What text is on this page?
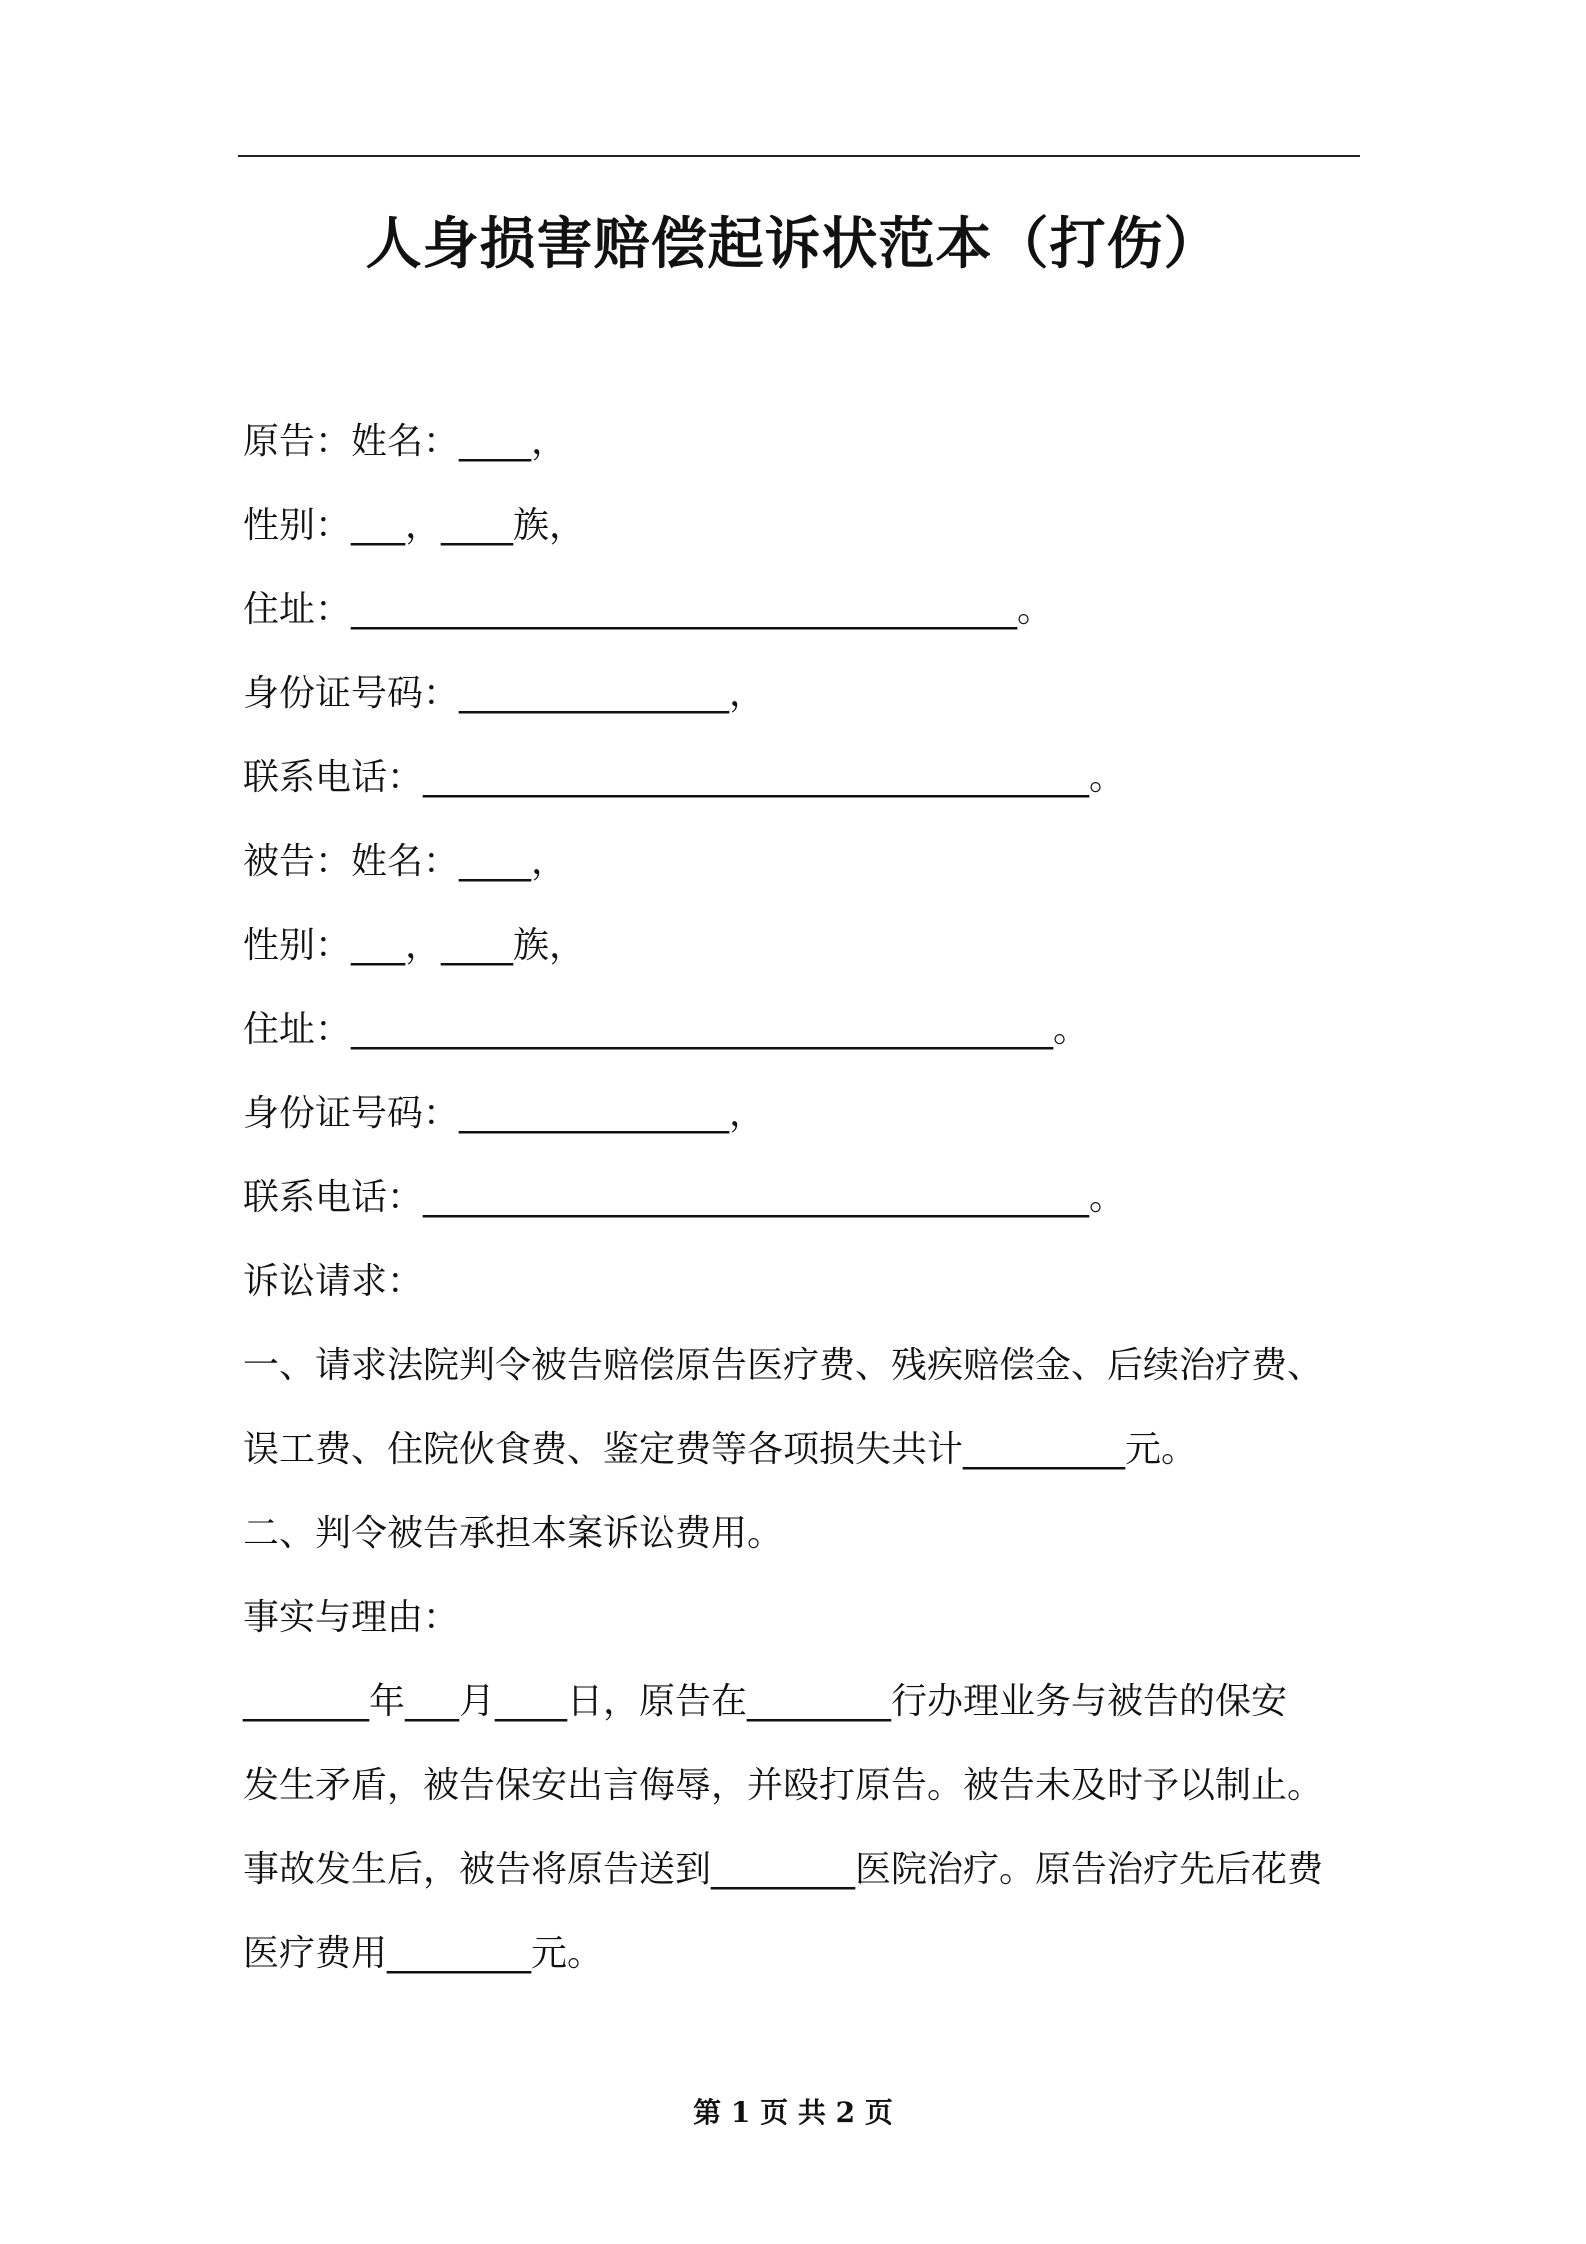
人身损害赔偿起诉状范本（打伤）
原告：姓名：____，
性别：___，____族，
住址：_____________________________________。
身份证号码：_______________，
联系电话：_____________________________________。
被告：姓名：____，
性别：___，____族，
住址：_______________________________________。
身份证号码：_______________，
联系电话：_____________________________________。
诉讼请求：
一、请求法院判令被告赔偿原告医疗费、残疾赔偿金、后续治疗费、
误工费、住院伙食费、鉴定费等各项损失共计_________元。
二、判令被告承担本案诉讼费用。
事实与理由：
_______年___月____日，原告在________行办理业务与被告的保安
发生矛盾，被告保安出言侮辱，并殴打原告。被告未及时予以制止。
事故发生后，被告将原告送到________医院治疗。原告治疗先后花费
医疗费用________元。
第 1 页 共 2 页
